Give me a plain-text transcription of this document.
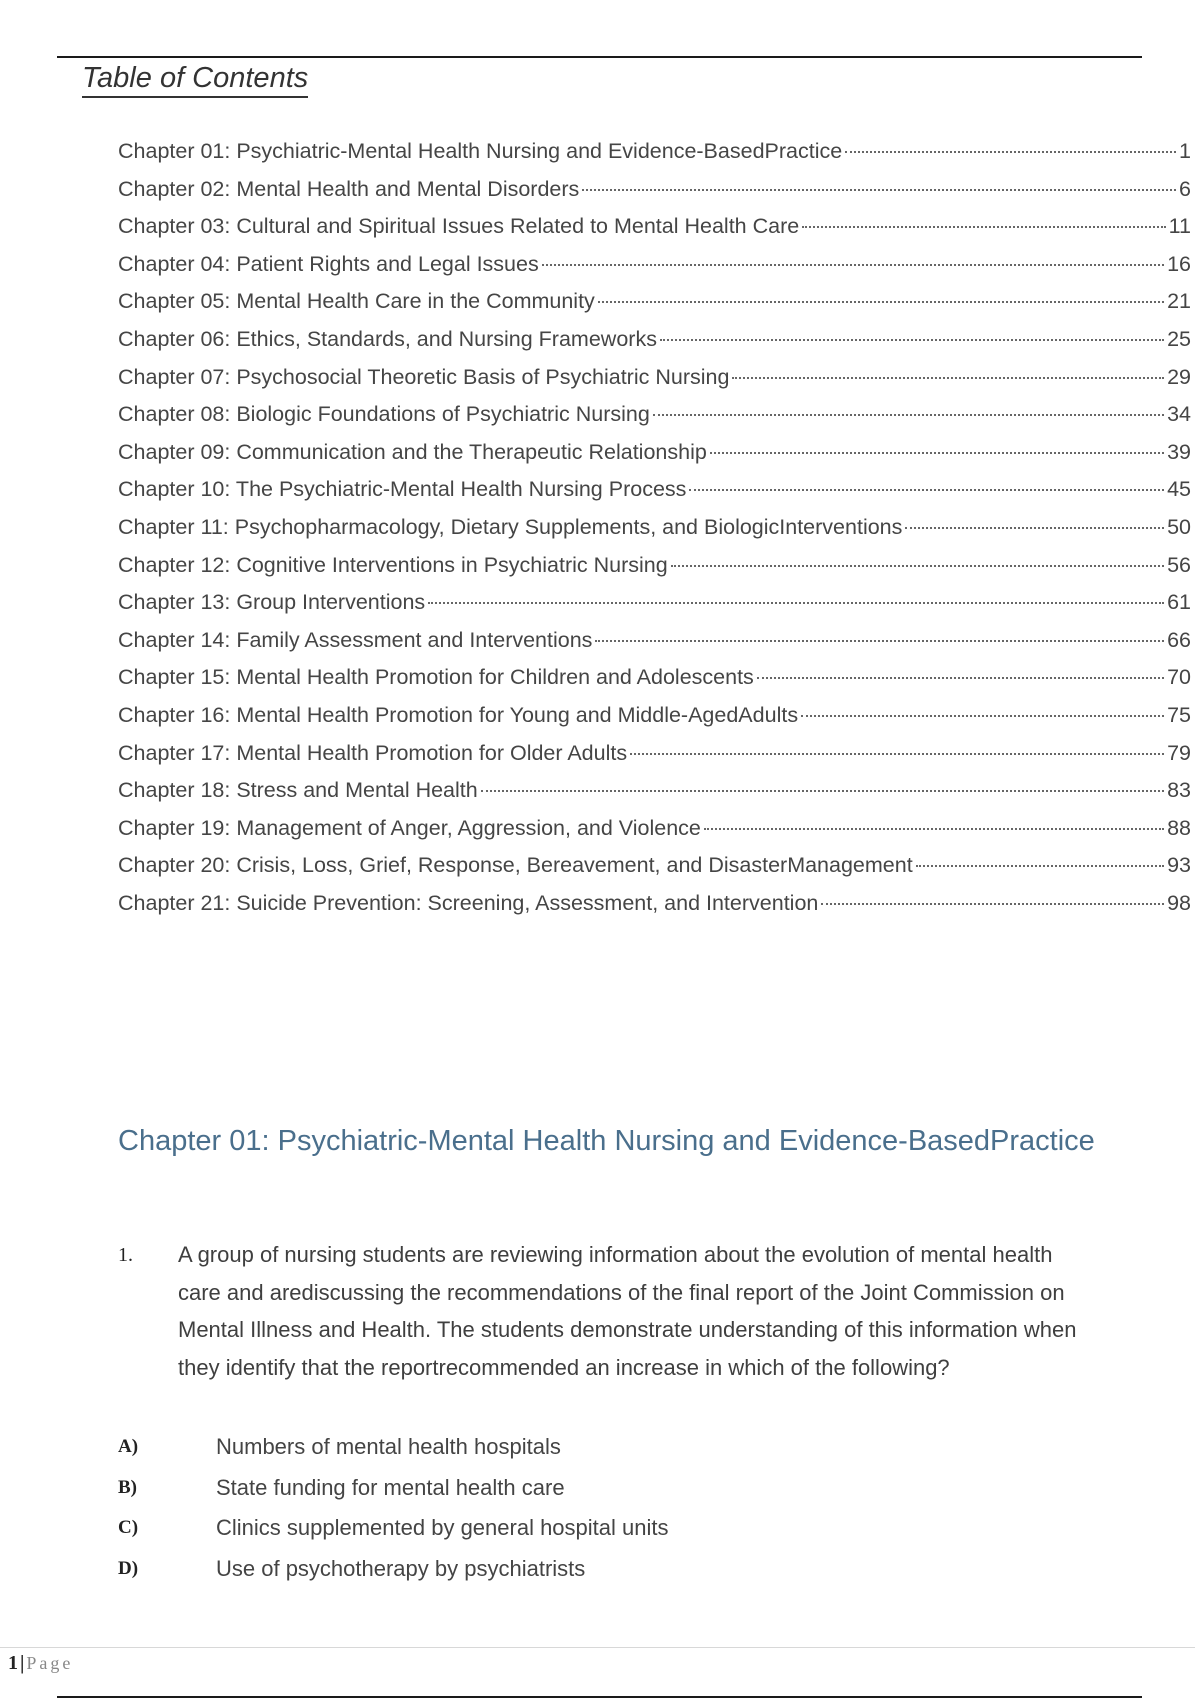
Table of Contents
Chapter 01: Psychiatric-Mental Health Nursing and Evidence-BasedPractice	1
Chapter 02: Mental Health and Mental Disorders	6
Chapter 03: Cultural and Spiritual Issues Related to Mental Health Care	11
Chapter 04: Patient Rights and Legal Issues	16
Chapter 05: Mental Health Care in the Community	21
Chapter 06: Ethics, Standards, and Nursing Frameworks	25
Chapter 07: Psychosocial Theoretic Basis of Psychiatric Nursing	29
Chapter 08: Biologic Foundations of Psychiatric Nursing	34
Chapter 09: Communication and the Therapeutic Relationship	39
Chapter 10: The Psychiatric-Mental Health Nursing Process	45
Chapter 11: Psychopharmacology, Dietary Supplements, and BiologicInterventions	50
Chapter 12: Cognitive Interventions in Psychiatric Nursing	56
Chapter 13: Group Interventions	61
Chapter 14: Family Assessment and Interventions	66
Chapter 15: Mental Health Promotion for Children and Adolescents	70
Chapter 16: Mental Health Promotion for Young and Middle-AgedAdults	75
Chapter 17: Mental Health Promotion for Older Adults	79
Chapter 18: Stress and Mental Health	83
Chapter 19: Management of Anger, Aggression, and Violence	88
Chapter 20: Crisis, Loss, Grief, Response, Bereavement, and DisasterManagement	93
Chapter 21: Suicide Prevention: Screening, Assessment, and Intervention	98
Chapter 01: Psychiatric-Mental Health Nursing and Evidence-BasedPractice
1.	A group of nursing students are reviewing information about the evolution of mental health care and arediscussing the recommendations of the final report of the Joint Commission on Mental Illness and Health. The students demonstrate understanding of this information when they identify that the reportrecommended an increase in which of the following?
A)	Numbers of mental health hospitals
B)	State funding for mental health care
C)	Clinics supplemented by general hospital units
D)	Use of psychotherapy by psychiatrists
1 | Page
